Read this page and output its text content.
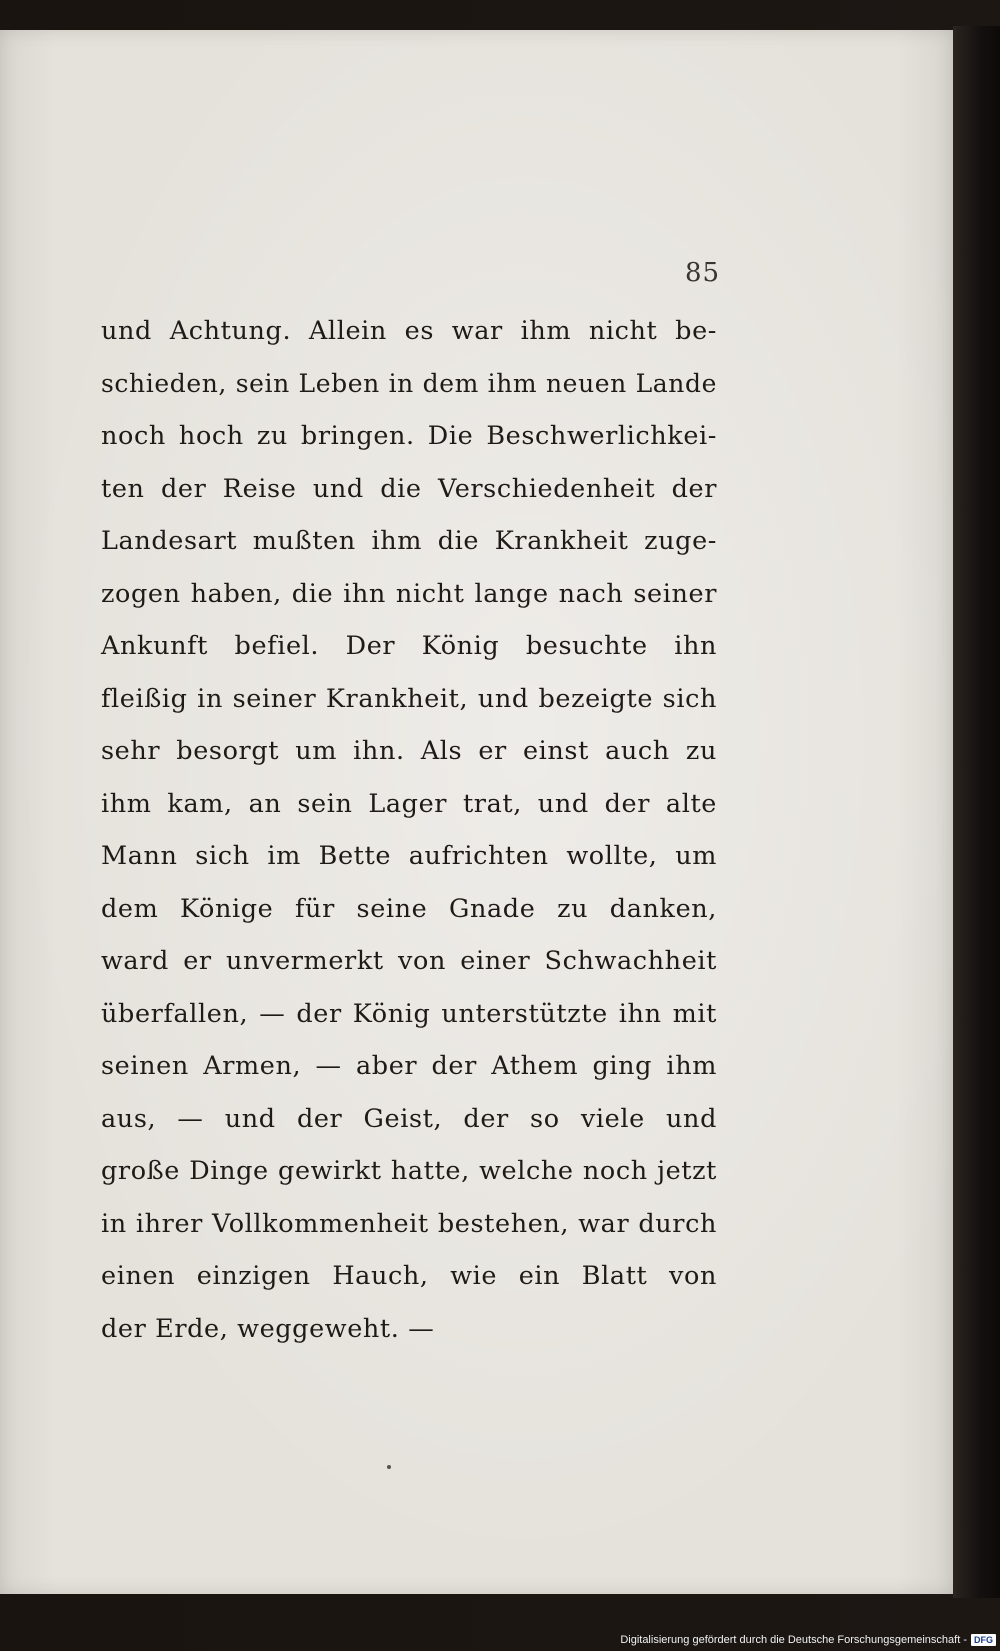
85
und Achtung. Allein es war ihm nicht be-
schieden, sein Leben in dem ihm neuen Lande
noch hoch zu bringen. Die Beschwerlichkei-
ten der Reise und die Verschiedenheit der
Landesart mußten ihm die Krankheit zuge-
zogen haben, die ihn nicht lange nach seiner
Ankunft befiel. Der König besuchte ihn
fleißig in seiner Krankheit, und bezeigte sich
sehr besorgt um ihn. Als er einst auch zu
ihm kam, an sein Lager trat, und der alte
Mann sich im Bette aufrichten wollte, um
dem Könige für seine Gnade zu danken,
ward er unvermerkt von einer Schwachheit
überfallen, — der König unterstützte ihn mit
seinen Armen, — aber der Athem ging ihm
aus, — und der Geist, der so viele und
große Dinge gewirkt hatte, welche noch jetzt
in ihrer Vollkommenheit bestehen, war durch
einen einzigen Hauch, wie ein Blatt von
der Erde, weggeweht. —
Digitalisierung gefördert durch die Deutsche Forschungsgemeinschaft - DFG
